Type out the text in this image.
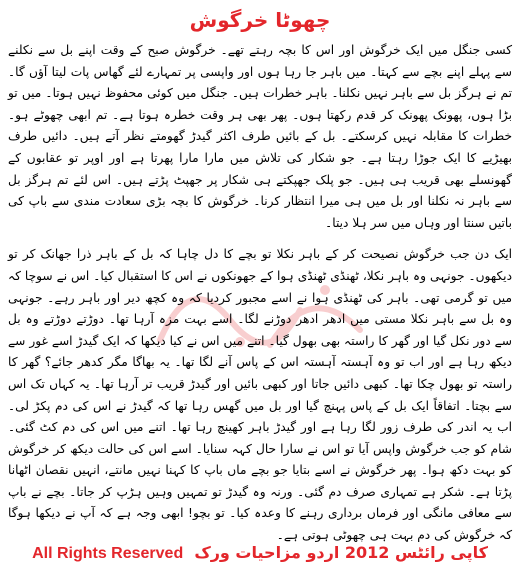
چھوٹا خرگوش

کسی جنگل میں ایک خرگوش اور اس کا بچہ رہتے تھے۔ خرگوش صبح کے وقت اپنے بل سے نکلنے سے پہلے اپنے بچے سے کہتا۔ میں باہر جا رہا ہوں اور واپسی پر تمہارے لئے گھاس پات لیتا آؤں گا۔ تم نے ہرگز بل سے باہر نہیں نکلنا۔ باہر خطرات ہیں۔ جنگل میں کوئی محفوظ نہیں ہوتا۔ میں تو بڑا ہوں، پھونک پھونک کر قدم رکھتا ہوں۔ پھر بھی ہر وقت خطرہ ہوتا ہے۔ تم ابھی چھوٹے ہو۔ خطرات کا مقابلہ نہیں کرسکتے۔ بل کے بائیں طرف اکثر گیدڑ گھومتے نظر آتے ہیں۔ دائیں طرف بھیڑیے کا ایک جوڑا رہتا ہے۔ جو شکار کی تلاش میں مارا مارا پھرتا ہے اور اوپر تو عقابوں کے گھونسلے بھی قریب ہی ہیں۔ جو پلک جھپکتے ہی شکار پر جھپٹ پڑتے ہیں۔ اس لئے تم ہرگز بل سے باہر نہ نکلنا اور بل میں ہی میرا انتظار کرنا۔ خرگوش کا بچہ بڑی سعادت مندی سے باپ کی باتیں سنتا اور وہاں میں سر ہلا دیتا۔

ایک دن جب خرگوش نصیحت کر کے باہر نکلا تو بچے کا دل چاہا کہ بل کے باہر ذرا جھانک کر تو دیکھوں۔ جونہی وہ باہر نکلا، ٹھنڈی ٹھنڈی ہوا کے جھونکوں نے اس کا استقبال کیا۔ اس نے سوچا کہ میں تو گرمی تھی۔ باہر کی ٹھنڈی ہوا نے اسے مجبور کردیا کہ وہ کچھ دیر اور باہر رہے۔ جونہی وہ بل سے باہر نکلا مستی میں ادھر ادھر دوڑنے لگا۔ اسے بہت مزہ آرہا تھا۔ دوڑتے دوڑتے وہ بل سے دور نکل گیا اور گھر کا راستہ بھی بھول گیا۔ اتنے میں اس نے کیا دیکھا کہ ایک گیدڑ اسے غور سے دیکھ رہا ہے اور اب تو وہ آہستہ آہستہ اس کے پاس آنے لگا تھا۔ یہ بھاگا مگر کدھر جائے؟ گھر کا راستہ تو بھول چکا تھا۔ کبھی دائیں جاتا اور کبھی بائیں اور گیدڑ قریب تر آرہا تھا۔ یہ کہاں تک اس سے بچتا۔ اتفاقاً ایک بل کے پاس پہنچ گیا اور بل میں گھس رہا تھا کہ گیدڑ نے اس کی دم پکڑ لی۔ اب یہ اندر کی طرف زور لگا رہا ہے اور گیدڑ باہر کھینچ رہا تھا۔ اتنے میں اس کی دم کٹ گئی۔ شام کو جب خرگوش واپس آیا تو اس نے سارا حال کہہ سنایا۔ اسے اس کی حالت دیکھ کر خرگوش کو بہت دکھ ہوا۔ پھر خرگوش نے اسے بتایا جو بچے ماں باپ کا کہنا نہیں مانتے، انہیں نقصان اٹھانا پڑتا ہے۔ شکر ہے تمہاری صرف دم گئی۔ ورنہ وہ گیدڑ تو تمہیں وہیں ہڑپ کر جاتا۔ بچے نے باپ سے معافی مانگی اور فرماں برداری رہنے کا وعدہ کیا۔ تو بچو! ابھی وجہ ہے کہ آپ نے دیکھا ہوگا کہ خرگوش کی دم بہت ہی چھوٹی ہوتی ہے۔

All Rights Reserved کاپی رائٹس 2012 اردو مزاحیات ورک
